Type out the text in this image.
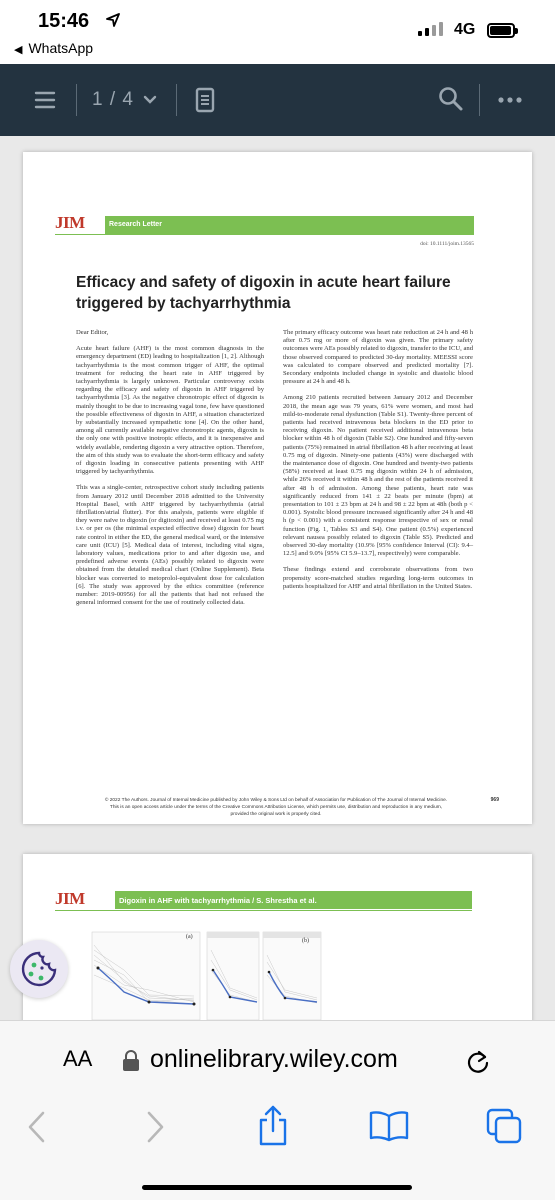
15:46	4G
◀ WhatsApp
1 / 4
JIM	Research Letter
doi: 10.1111/joim.13565
Efficacy and safety of digoxin in acute heart failure triggered by tachyarrhythmia

Dear Editor,

Acute heart failure (AHF) is the most common diagnosis in the emergency department (ED) leading to hospitalization [1, 2]. Although tachyarrhythmia is the most common trigger of AHF, the optimal treatment for reducing the heart rate in AHF triggered by tachyarrhythmia is largely unknown. Particular controversy exists regarding the efficacy and safety of digoxin in AHF triggered by tachyarrhythmia [3]. As the negative chronotropic effect of digoxin is mainly thought to be due to increasing vagal tone, few have questioned the possible effectiveness of digoxin in AHF, a situation characterized by substantially increased sympathetic tone [4]. On the other hand, among all currently available negative chronotropic agents, digoxin is the only one with positive inotropic effects, and it is inexpensive and widely available, rendering digoxin a very attractive option. Therefore, the aim of this study was to evaluate the short-term efficacy and safety of digoxin loading in consecutive patients presenting with AHF triggered by tachyarrhythmia.

This was a single-center, retrospective cohort study including patients from January 2012 until December 2018 admitted to the University Hospital Basel, with AHF triggered by tachyarrhythmia (atrial fibrillation/atrial flutter). For this analysis, patients were eligible if they were naïve to digoxin (or digitoxin) and received at least 0.75 mg i.v. or per os (the minimal expected effective dose) digoxin for heart rate control in either the ED, the general medical ward, or the intensive care unit (ICU) [5]. Medical data of interest, including vital signs, laboratory values, medications prior to and after digoxin use, and predefined adverse events (AEs) possibly related to digoxin were obtained from the detailed medical chart (Online Supplement). Beta blocker was converted to metoprolol-equivalent dose for calculation [6]. The study was approved by the ethics committee (reference number: 2019-00956) for all the patients that had not refused the general informed consent for the use of routinely collected data.

The primary efficacy outcome was heart rate reduction at 24 h and 48 h after 0.75 mg or more of digoxin was given. The primary safety outcomes were AEs possibly related to digoxin, transfer to the ICU, and those observed compared to predicted 30-day mortality. MEESSI score was calculated to compare observed and predicted mortality [7]. Secondary endpoints included change in systolic and diastolic blood pressure at 24 h and 48 h.

Among 210 patients recruited between January 2012 and December 2018, the mean age was 79 years, 61% were women, and most had mild-to-moderate renal dysfunction (Table S1). Twenty-three percent of patients had received intravenous beta blockers in the ED prior to receiving digoxin. No patient received additional intravenous beta blocker within 48 h of digoxin (Table S2). One hundred and fifty-seven patients (75%) remained in atrial fibrillation 48 h after receiving at least 0.75 mg of digoxin. Ninety-one patients (43%) were discharged with the maintenance dose of digoxin. One hundred and twenty-two patients (58%) received at least 0.75 mg digoxin within 24 h of admission, while 26% received it within 48 h and the rest of the patients received it after 48 h of admission. Among these patients, heart rate was significantly reduced from 141 ± 22 beats per minute (bpm) at presentation to 101 ± 23 bpm at 24 h and 98 ± 22 bpm at 48h (both p < 0.001). Systolic blood pressure increased significantly after 24 h and 48 h (p < 0.001) with a consistent response irrespective of sex or renal function (Fig. 1, Tables S3 and S4). One patient (0.5%) experienced relevant nausea possibly related to digoxin (Table S5). Predicted and observed 30-day mortality (10.9% [95% confidence Interval (CI): 9.4–12.5] and 9.0% [95% CI 5.9–13.7], respectively) were comparable.

These findings extend and corroborate observations from two propensity score-matched studies regarding long-term outcomes in patients hospitalized for AHF and atrial fibrillation in the United States.

© 2022 The Authors. Journal of Internal Medicine published by John Wiley & Sons Ltd on behalf of Association for Publication of The Journal of Internal Medicine.
This is an open access article under the terms of the Creative Commons Attribution License, which permits use, distribution and reproduction in any medium,
provided the original work is properly cited.
969
JIM	Digoxin in AHF with tachyarrhythmia / S. Shrestha et al.
(a)
(b)
AA onlinelibrary.wiley.com
